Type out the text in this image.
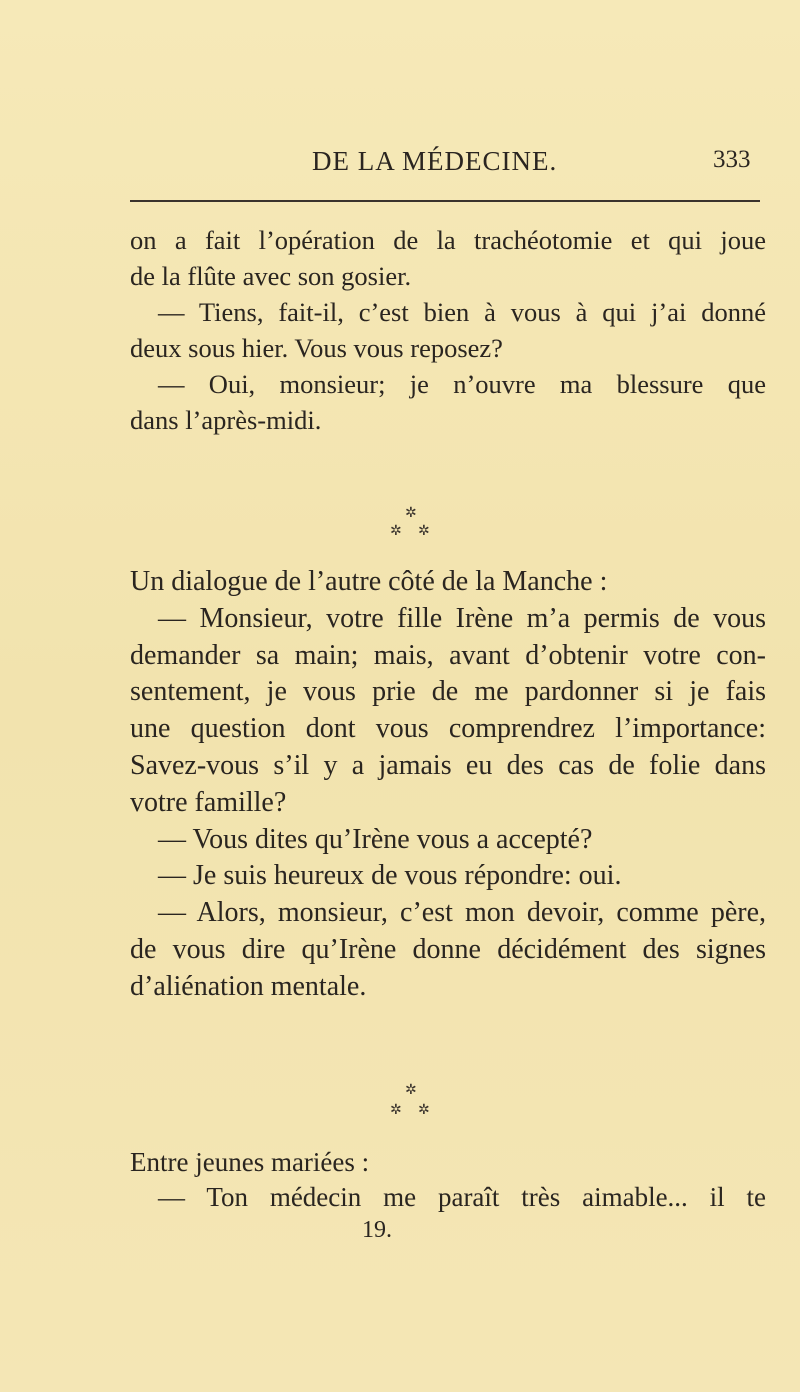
DE LA MÉDECINE.	333
on a fait l’opération de la trachéotomie et qui joue
de la flûte avec son gosier.
— Tiens, fait-il, c’est bien à vous à qui j’ai donné
deux sous hier. Vous vous reposez?
— Oui, monsieur; je n’ouvre ma blessure que
dans l’après-midi.
✲
✲ ✲
Un dialogue de l’autre côté de la Manche :
— Monsieur, votre fille Irène m’a permis de vous
demander sa main; mais, avant d’obtenir votre con-
sentement, je vous prie de me pardonner si je fais
une question dont vous comprendrez l’importance:
Savez-vous s’il y a jamais eu des cas de folie dans
votre famille?
— Vous dites qu’Irène vous a accepté?
— Je suis heureux de vous répondre: oui.
— Alors, monsieur, c’est mon devoir, comme père,
de vous dire qu’Irène donne décidément des signes
d’aliénation mentale.
✲
✲ ✲
Entre jeunes mariées :
— Ton médecin me paraît très aimable... il te
19.
